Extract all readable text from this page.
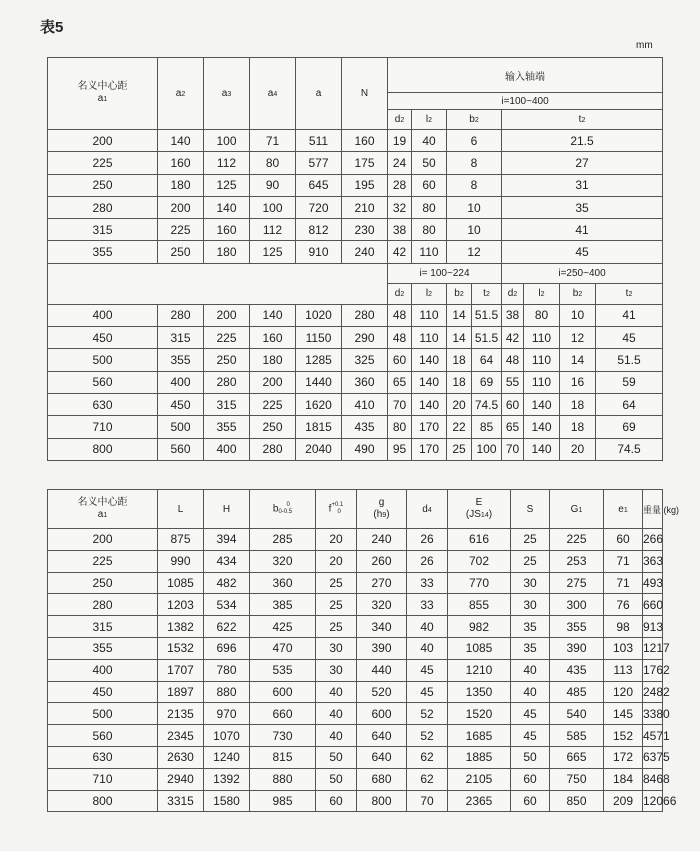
表5
mm
名义中心距
a1	a2	a3	a4	a	N	输入轴端							
						i=100~400							
						d2	l2	b2		t2			
200	140	100	71	511	160	19	40	6		21.5			
225	160	112	80	577	175	24	50	8		27			
250	180	125	90	645	195	28	60	8		31			
280	200	140	100	720	210	32	80	10		35			
315	225	160	112	812	230	38	80	10		41			
355	250	180	125	910	240	42	110	12		45			
						i= 100~224				i=250~400			
						d2	l2	b2	t2	d2	l2	b2	t2
400	280	200	140	1020	280	48	110	14	51.5	38	80	10	41
450	315	225	160	1150	290	48	110	14	51.5	42	110	12	45
500	355	250	180	1285	325	60	140	18	64	48	110	14	51.5
560	400	280	200	1440	360	65	140	18	69	55	110	16	59
630	450	315	225	1620	410	70	140	20	74.5	60	140	18	64
710	500	355	250	1815	435	80	170	22	85	65	140	18	69
800	560	400	280	2040	490	95	170	25	100	70	140	20	74.5
名义中心距
a1	L	H	b 0
0-0.5	f +0.1
0	g
(h9)	d4	E
(JS14)	S	G1	e1	重量 (kg)
200	875	394	285	20	240	26	616	25	225	60	266
225	990	434	320	20	260	26	702	25	253	71	363
250	1085	482	360	25	270	33	770	30	275	71	493
280	1203	534	385	25	320	33	855	30	300	76	660
315	1382	622	425	25	340	40	982	35	355	98	913
355	1532	696	470	30	390	40	1085	35	390	103	1217
400	1707	780	535	30	440	45	1210	40	435	113	1762
450	1897	880	600	40	520	45	1350	40	485	120	2482
500	2135	970	660	40	600	52	1520	45	540	145	3380
560	2345	1070	730	40	640	52	1685	45	585	152	4571
630	2630	1240	815	50	640	62	1885	50	665	172	6375
710	2940	1392	880	50	680	62	2105	60	750	184	8468
800	3315	1580	985	60	800	70	2365	60	850	209	12066
